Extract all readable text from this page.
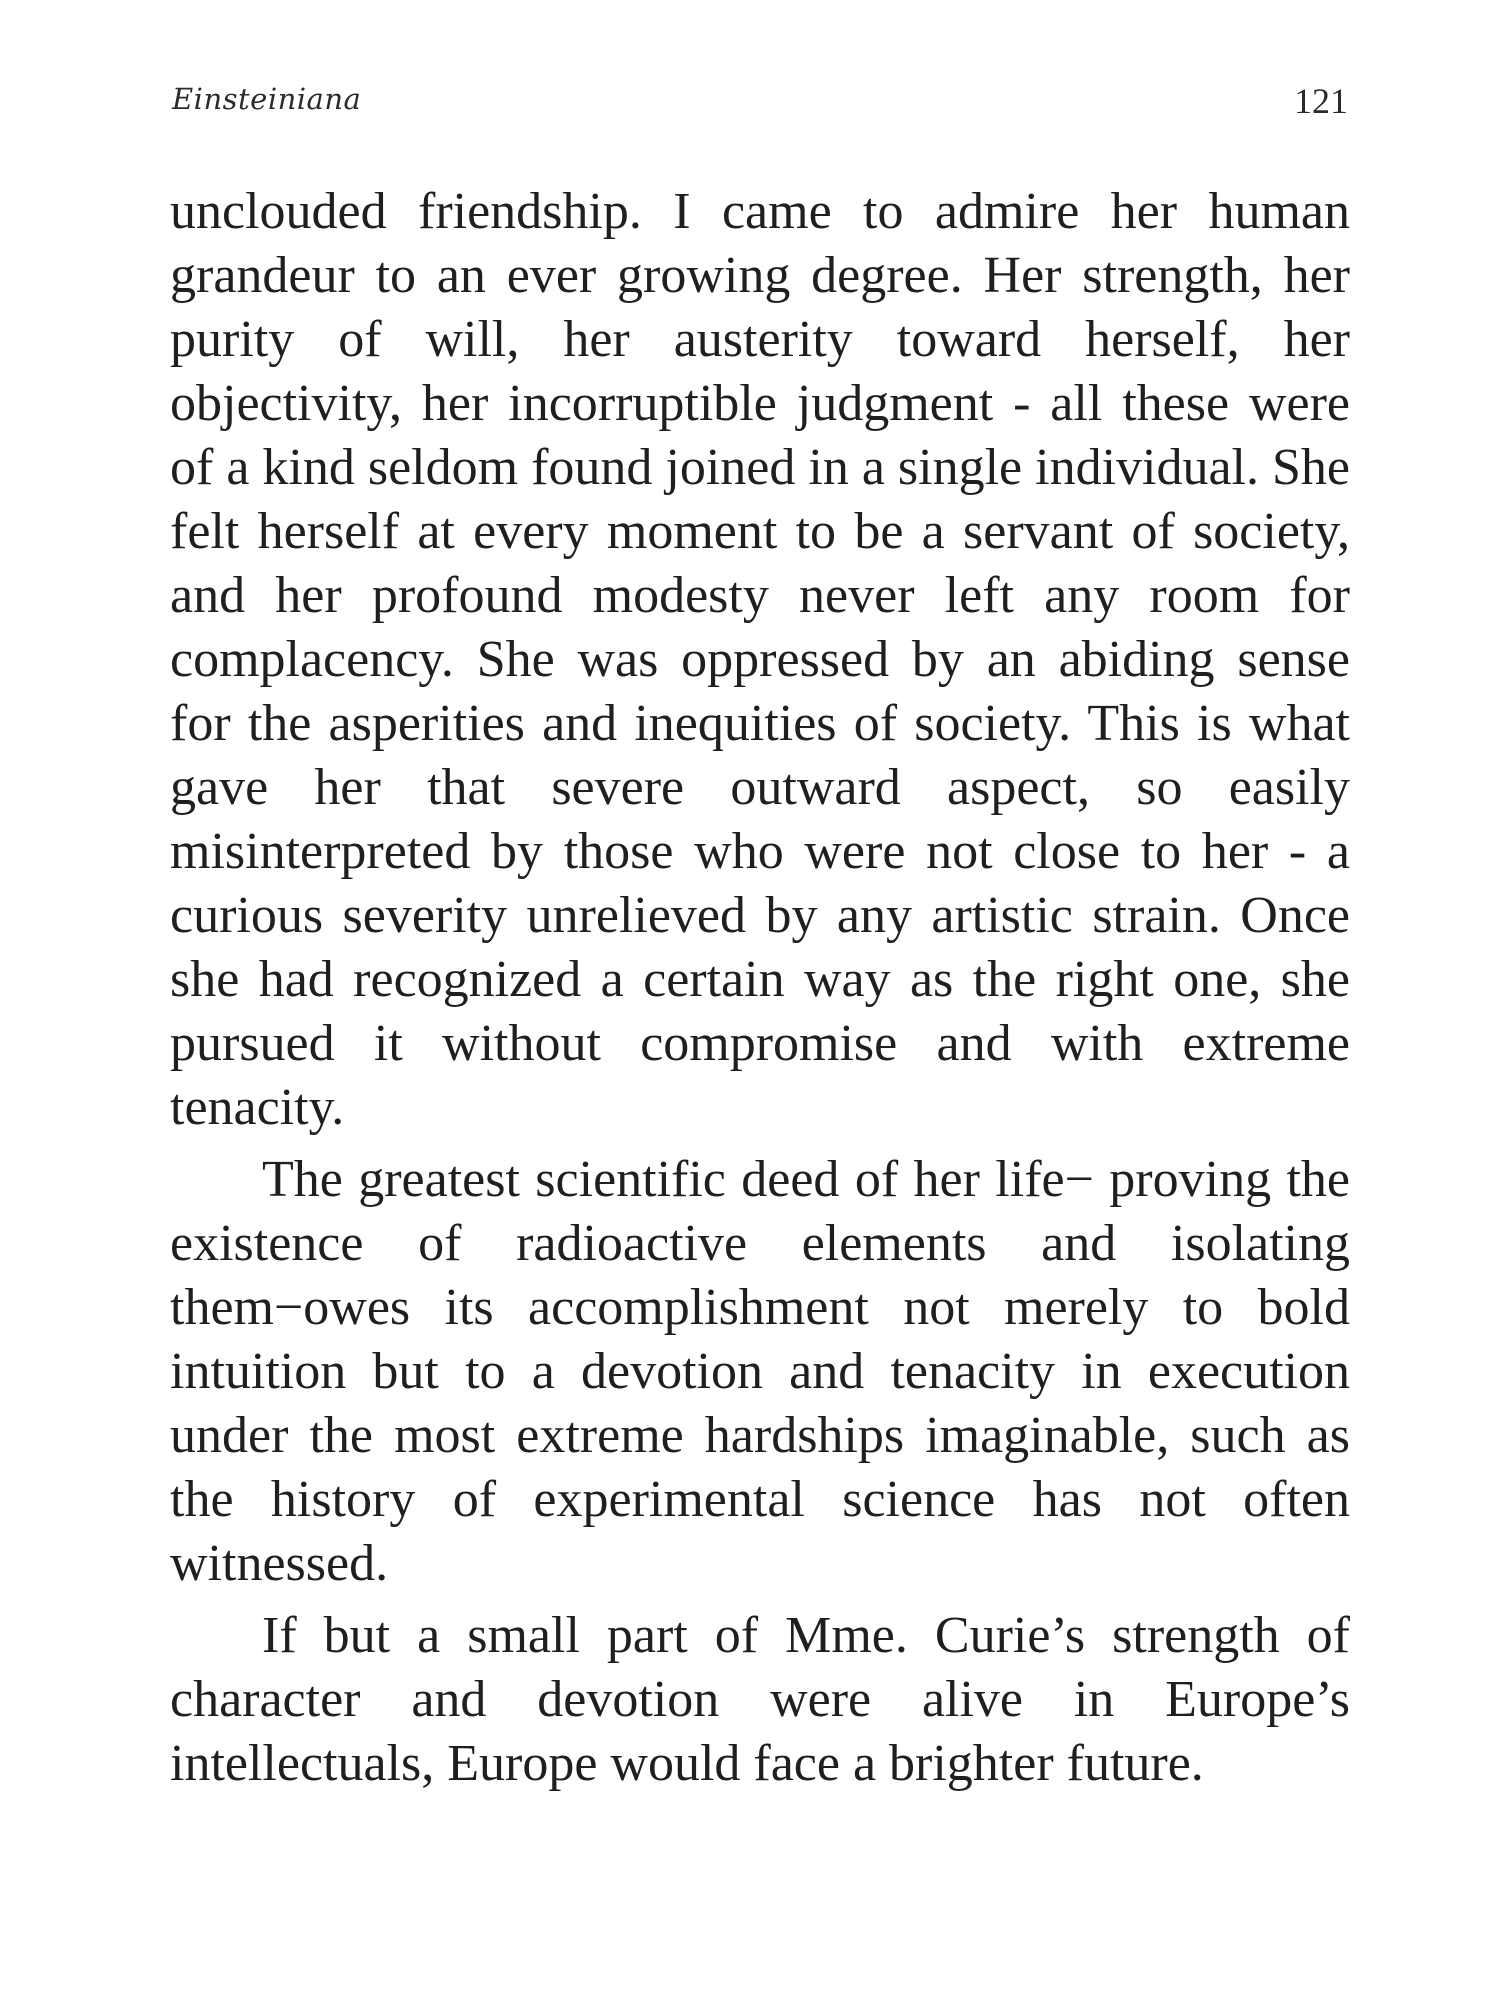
Einsteiniana	121

unclouded friendship. I came to admire her human grandeur to an ever growing degree. Her strength, her purity of will, her austerity toward herself, her objectivity, her incorruptible judgment - all these were of a kind seldom found joined in a single individual. She felt herself at every moment to be a servant of society, and her profound modesty never left any room for complacency. She was oppressed by an abiding sense for the asperities and inequities of society. This is what gave her that severe outward aspect, so easily misinterpreted by those who were not close to her - a curious severity unrelieved by any artistic strain. Once she had recognized a certain way as the right one, she pursued it without compromise and with extreme tenacity.

The greatest scientific deed of her life− proving the existence of radioactive elements and isolating them−owes its accomplishment not merely to bold intuition but to a devotion and tenacity in execution under the most extreme hardships imaginable, such as the history of experimental science has not often witnessed.

If but a small part of Mme. Curie’s strength of character and devotion were alive in Europe’s intellectuals, Europe would face a brighter future.
